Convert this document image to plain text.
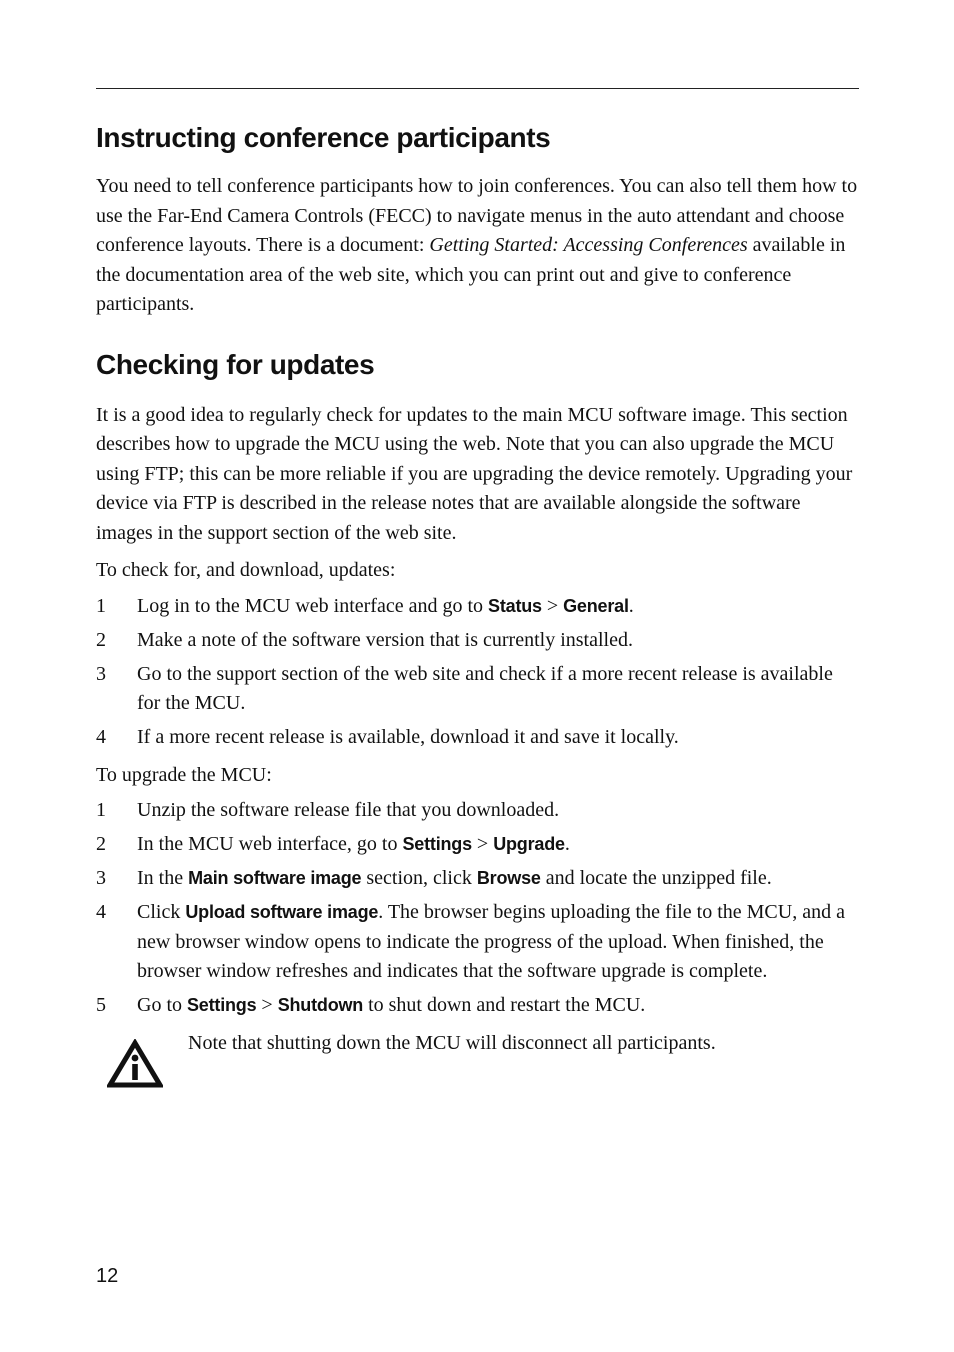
Instructing conference participants

You need to tell conference participants how to join conferences. You can also tell them how to use the Far-End Camera Controls (FECC) to navigate menus in the auto attendant and choose conference layouts. There is a document: Getting Started: Accessing Conferences available in the documentation area of the web site, which you can print out and give to conference participants.

Checking for updates

It is a good idea to regularly check for updates to the main MCU software image. This section describes how to upgrade the MCU using the web. Note that you can also upgrade the MCU using FTP; this can be more reliable if you are upgrading the device remotely. Upgrading your device via FTP is described in the release notes that are available alongside the software images in the support section of the web site.

To check for, and download, updates:

1 Log in to the MCU web interface and go to Status > General.
2 Make a note of the software version that is currently installed.
3 Go to the support section of the web site and check if a more recent release is available for the MCU.
4 If a more recent release is available, download it and save it locally.

To upgrade the MCU:

1 Unzip the software release file that you downloaded.
2 In the MCU web interface, go to Settings > Upgrade.
3 In the Main software image section, click Browse and locate the unzipped file.
4 Click Upload software image. The browser begins uploading the file to the MCU, and a new browser window opens to indicate the progress of the upload. When finished, the browser window refreshes and indicates that the software upgrade is complete.
5 Go to Settings > Shutdown to shut down and restart the MCU.

Note that shutting down the MCU will disconnect all participants.

12
